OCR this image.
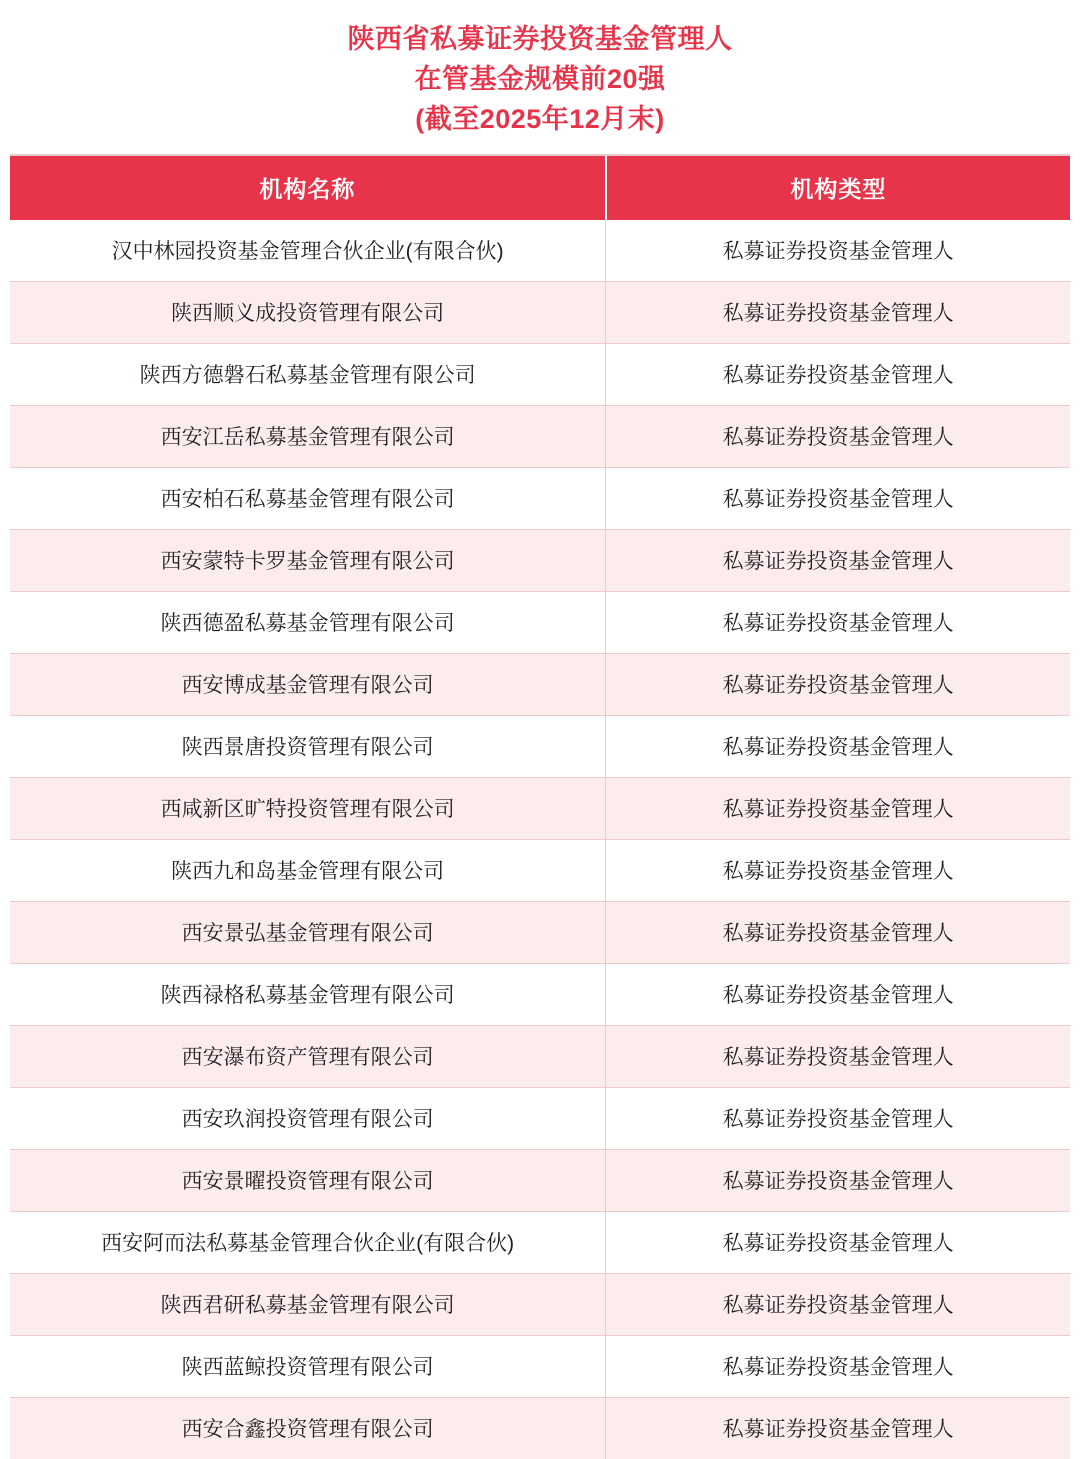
陕西省私募证券投资基金管理人
在管基金规模前20强
(截至2025年12月末)
机构名称	机构类型
汉中林园投资基金管理合伙企业(有限合伙)	私募证券投资基金管理人
陕西顺义成投资管理有限公司	私募证券投资基金管理人
陕西方德磐石私募基金管理有限公司	私募证券投资基金管理人
西安江岳私募基金管理有限公司	私募证券投资基金管理人
西安柏石私募基金管理有限公司	私募证券投资基金管理人
西安蒙特卡罗基金管理有限公司	私募证券投资基金管理人
陕西德盈私募基金管理有限公司	私募证券投资基金管理人
西安博成基金管理有限公司	私募证券投资基金管理人
陕西景唐投资管理有限公司	私募证券投资基金管理人
西咸新区旷特投资管理有限公司	私募证券投资基金管理人
陕西九和岛基金管理有限公司	私募证券投资基金管理人
西安景弘基金管理有限公司	私募证券投资基金管理人
陕西禄格私募基金管理有限公司	私募证券投资基金管理人
西安瀑布资产管理有限公司	私募证券投资基金管理人
西安玖润投资管理有限公司	私募证券投资基金管理人
西安景曜投资管理有限公司	私募证券投资基金管理人
西安阿而法私募基金管理合伙企业(有限合伙)	私募证券投资基金管理人
陕西君研私募基金管理有限公司	私募证券投资基金管理人
陕西蓝鲸投资管理有限公司	私募证券投资基金管理人
西安合鑫投资管理有限公司	私募证券投资基金管理人
